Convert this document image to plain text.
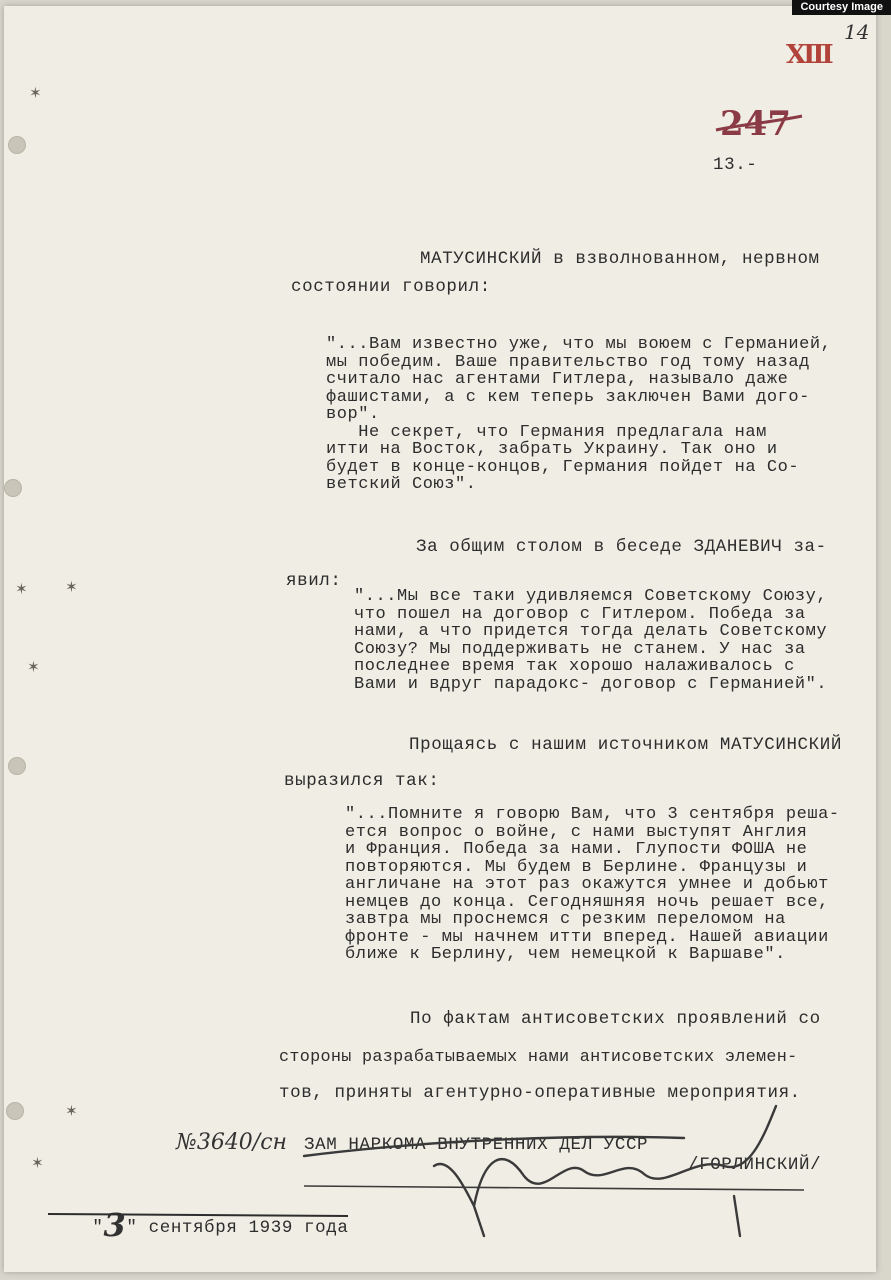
✶
✶ ✶
✶
✶
✶
XIII
14
247
13.-
МАТУСИНСКИЙ в взволнованном, нервном
состоянии говорил:
"...Вам известно уже, что мы воюем с Германией,
мы победим. Ваше правительство год тому назад
считало нас агентами Гитлера, называло даже
фашистами, а с кем теперь заключен Вами дого-
вор".
Не секрет, что Германия предлагала нам
итти на Восток, забрать Украину. Так оно и
будет в конце-концов, Германия пойдет на Со-
ветский Союз".
За общим столом в беседе ЗДАНЕВИЧ за-
явил:
"...Мы все таки удивляемся Советскому Союзу,
что пошел на договор с Гитлером. Победа за
нами, а что придется тогда делать Советскому
Союзу? Мы поддерживать не станем. У нас за
последнее время так хорошо налаживалось с
Вами и вдруг парадокс- договор с Германией".
Прощаясь с нашим источником МАТУСИНСКИЙ
выразился так:
"...Помните я говорю Вам, что 3 сентября реша-
ется вопрос о войне, с нами выступят Англия
и Франция. Победа за нами. Глупости ФОША не
повторяются. Мы будем в Берлине. Французы и
англичане на этот раз окажутся умнее и добьют
немцев до конца. Сегодняшняя ночь решает все,
завтра мы проснемся с резким переломом на
фронте - мы начнем итти вперед. Нашей авиации
ближе к Берлину, чем немецкой к Варшаве".
По фактам антисоветских проявлений со
стороны разрабатываемых нами антисоветских элемен-
тов, приняты агентурно-оперативные мероприятия.
№3640/сн ЗАМ НАРКОМА ВНУТРЕННИХ ДЕЛ УССР
/ГОРЛИНСКИЙ/

"3" сентября 1939 года

Courtesy Image
